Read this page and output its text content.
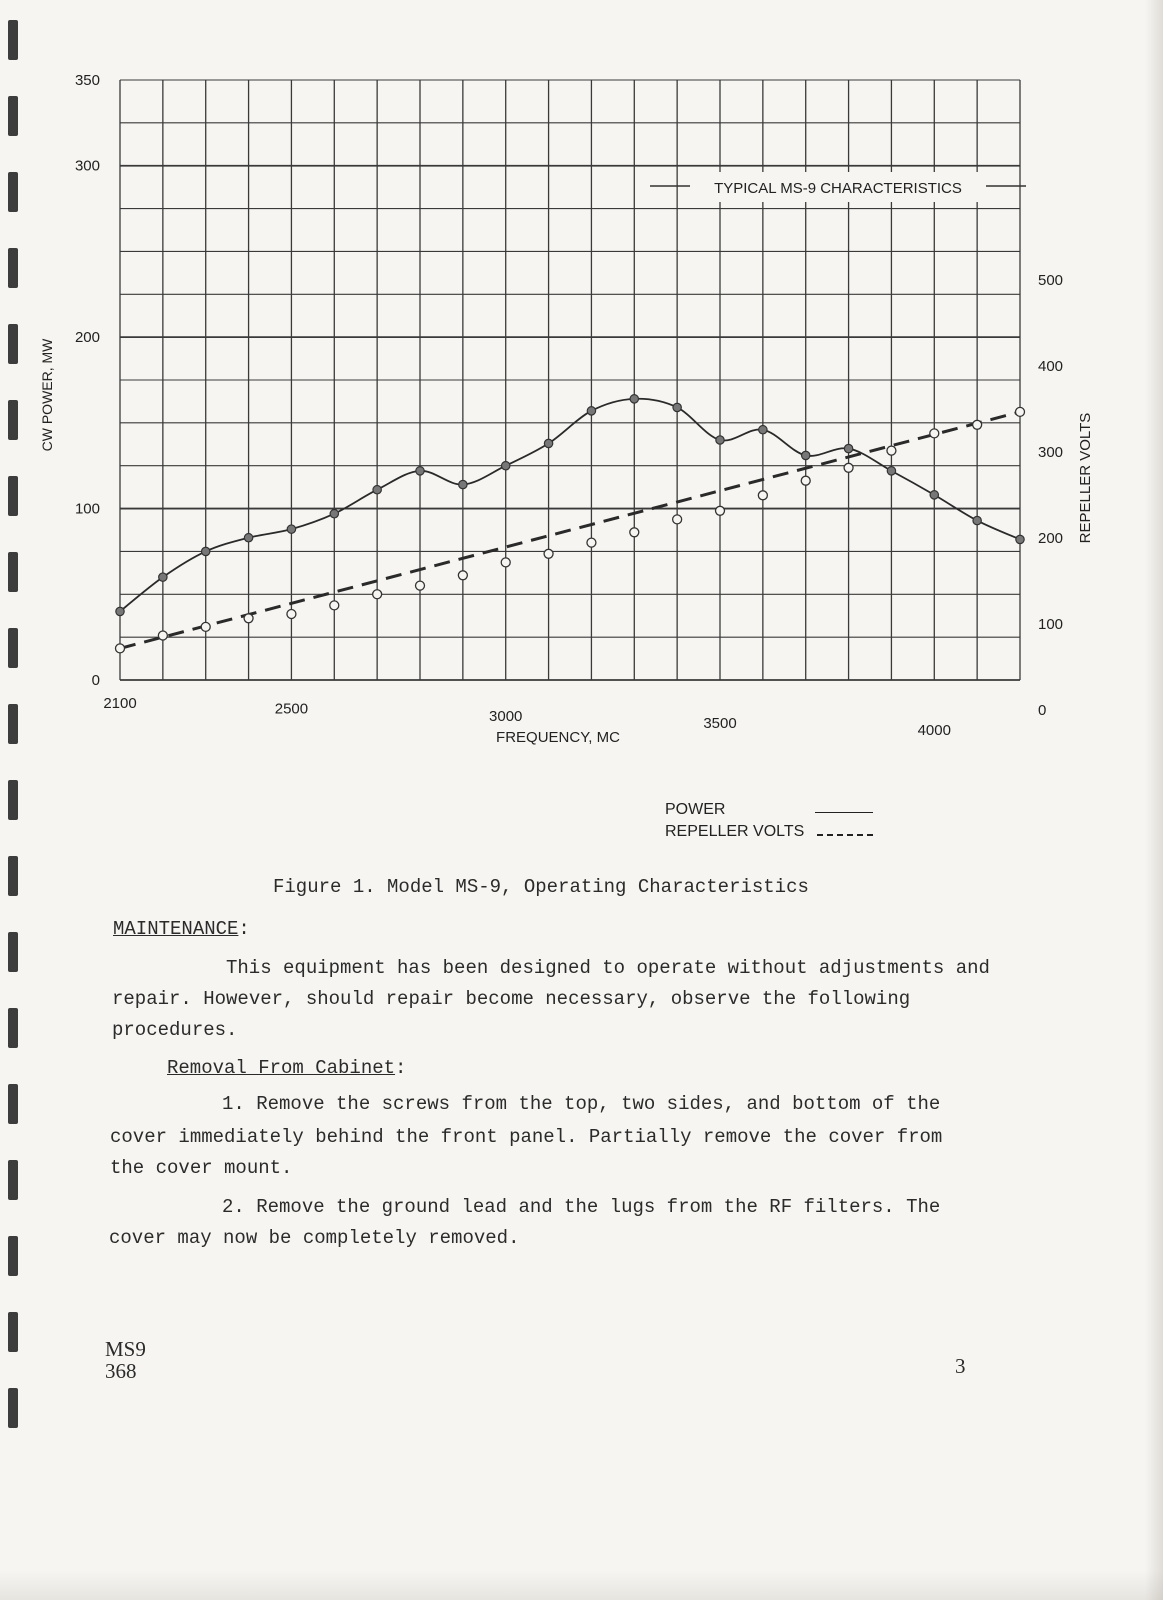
2100	2500	3000	3500	4000
0
100
200
300
350
0
100
200
300
400
500
TYPICAL MS-9 CHARACTERISTICS
FREQUENCY, MC
CW POWER, MW
REPELLER VOLTS
POWER
REPELLER VOLTS
Figure 1. Model MS-9, Operating Characteristics
MAINTENANCE:
This equipment has been designed to operate without adjustments and
repair. However, should repair become necessary, observe the following
procedures.
Removal From Cabinet:
1. Remove the screws from the top, two sides, and bottom of the
cover immediately behind the front panel. Partially remove the cover from
the cover mount.
2. Remove the ground lead and the lugs from the RF filters. The
cover may now be completely removed.
MS9
368	3
